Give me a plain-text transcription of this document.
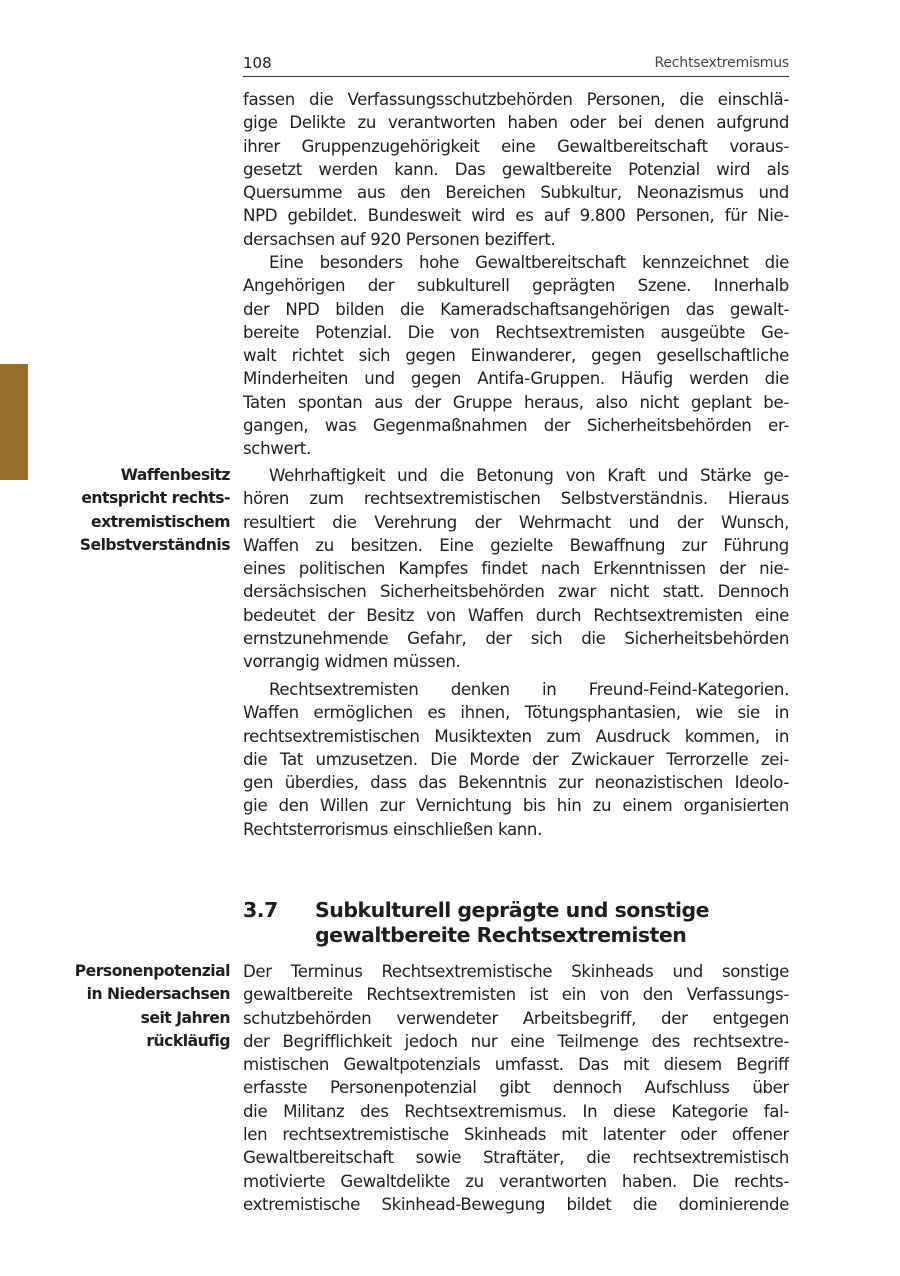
108	Rechtsextremismus
fassen die Verfassungsschutzbehörden Personen, die einschlä-
gige Delikte zu verantworten haben oder bei denen aufgrund
ihrer Gruppenzugehörigkeit eine Gewaltbereitschaft voraus-
gesetzt werden kann. Das gewaltbereite Potenzial wird als
Quersumme aus den Bereichen Subkultur, Neonazismus und
NPD gebildet. Bundesweit wird es auf 9.800 Personen, für Nie-
dersachsen auf 920 Personen beziffert.
Eine besonders hohe Gewaltbereitschaft kennzeichnet die
Angehörigen der subkulturell geprägten Szene. Innerhalb
der NPD bilden die Kameradschaftsangehörigen das gewalt-
bereite Potenzial. Die von Rechtsextremisten ausgeübte Ge-
walt richtet sich gegen Einwanderer, gegen gesellschaftliche
Minderheiten und gegen Antifa-Gruppen. Häufig werden die
Taten spontan aus der Gruppe heraus, also nicht geplant be-
gangen, was Gegenmaßnahmen der Sicherheitsbehörden er-
schwert.
Waffenbesitz
entspricht rechts-
extremistischem
Selbstverständnis
Wehrhaftigkeit und die Betonung von Kraft und Stärke ge-
hören zum rechtsextremistischen Selbstverständnis. Hieraus
resultiert die Verehrung der Wehrmacht und der Wunsch,
Waffen zu besitzen. Eine gezielte Bewaffnung zur Führung
eines politischen Kampfes findet nach Erkenntnissen der nie-
dersächsischen Sicherheitsbehörden zwar nicht statt. Dennoch
bedeutet der Besitz von Waffen durch Rechtsextremisten eine
ernstzunehmende Gefahr, der sich die Sicherheitsbehörden
vorrangig widmen müssen.
Rechtsextremisten denken in Freund-Feind-Kategorien.
Waffen ermöglichen es ihnen, Tötungsphantasien, wie sie in
rechtsextremistischen Musiktexten zum Ausdruck kommen, in
die Tat umzusetzen. Die Morde der Zwickauer Terrorzelle zei-
gen überdies, dass das Bekenntnis zur neonazistischen Ideolo-
gie den Willen zur Vernichtung bis hin zu einem organisierten
Rechtsterrorismus einschließen kann.
3.7 Subkulturell geprägte und sonstige
gewaltbereite Rechtsextremisten
Personenpotenzial
in Niedersachsen
seit Jahren
rückläufig
Der Terminus Rechtsextremistische Skinheads und sonstige
gewaltbereite Rechtsextremisten ist ein von den Verfassungs-
schutzbehörden verwendeter Arbeitsbegriff, der entgegen
der Begrifflichkeit jedoch nur eine Teilmenge des rechtsextre-
mistischen Gewaltpotenzials umfasst. Das mit diesem Begriff
erfasste Personenpotenzial gibt dennoch Aufschluss über
die Militanz des Rechtsextremismus. In diese Kategorie fal-
len rechtsextremistische Skinheads mit latenter oder offener
Gewaltbereitschaft sowie Straftäter, die rechtsextremistisch
motivierte Gewaltdelikte zu verantworten haben. Die rechts-
extremistische Skinhead-Bewegung bildet die dominierende
